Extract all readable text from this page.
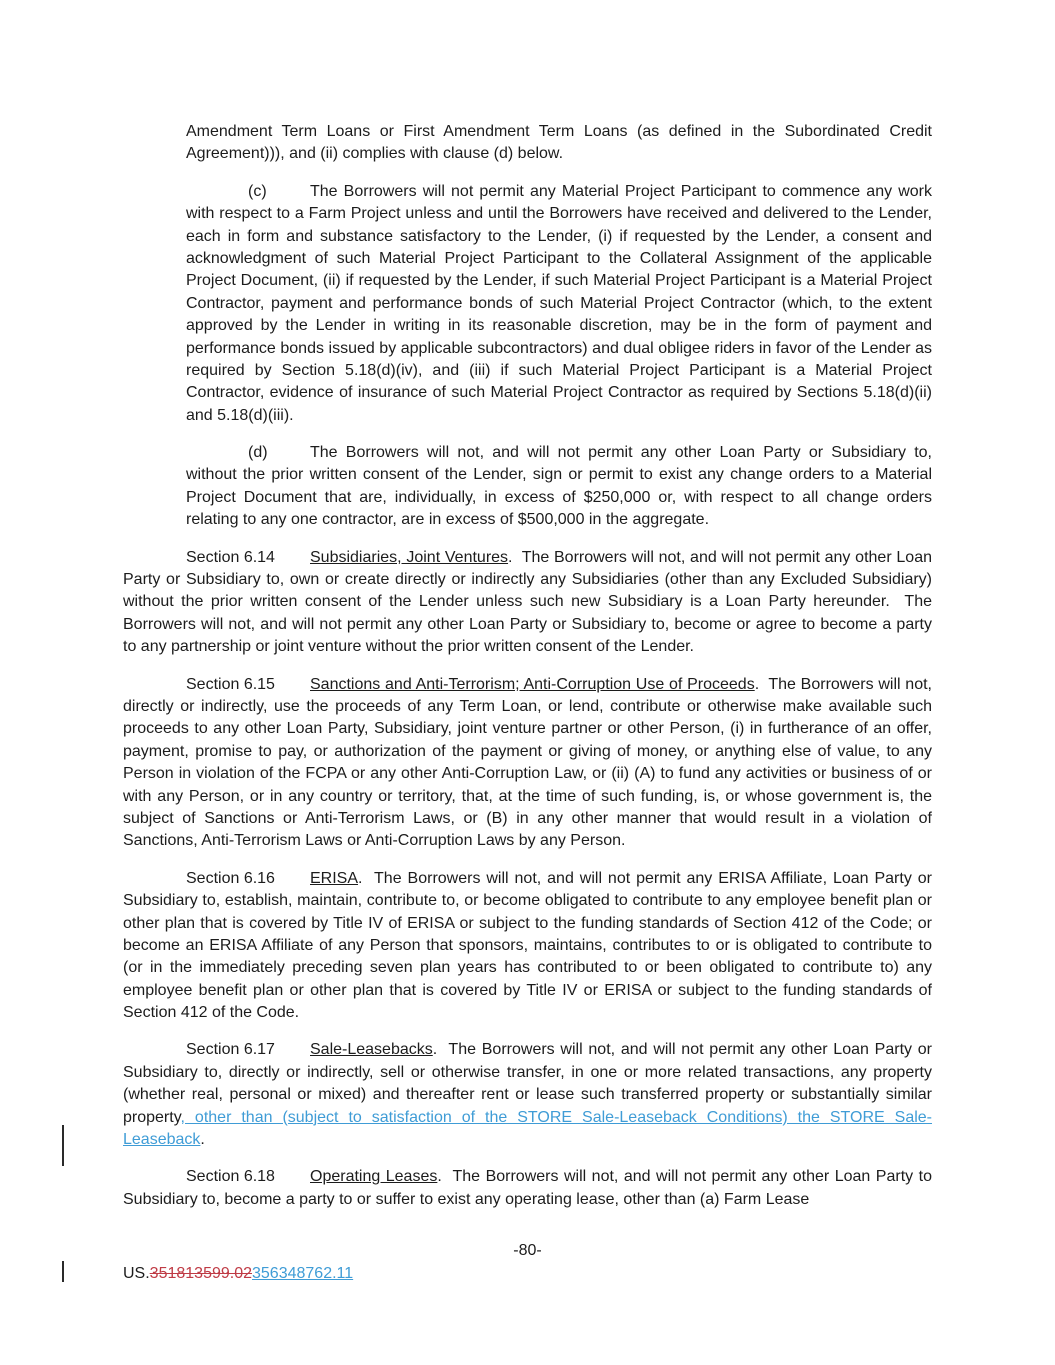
Amendment Term Loans or First Amendment Term Loans (as defined in the Subordinated Credit Agreement))), and (ii) complies with clause (d) below.

(c)	The Borrowers will not permit any Material Project Participant to commence any work with respect to a Farm Project unless and until the Borrowers have received and delivered to the Lender, each in form and substance satisfactory to the Lender, (i) if requested by the Lender, a consent and acknowledgment of such Material Project Participant to the Collateral Assignment of the applicable Project Document, (ii) if requested by the Lender, if such Material Project Participant is a Material Project Contractor, payment and performance bonds of such Material Project Contractor (which, to the extent approved by the Lender in writing in its reasonable discretion, may be in the form of payment and performance bonds issued by applicable subcontractors) and dual obligee riders in favor of the Lender as required by Section 5.18(d)(iv), and (iii) if such Material Project Participant is a Material Project Contractor, evidence of insurance of such Material Project Contractor as required by Sections 5.18(d)(ii) and 5.18(d)(iii).

(d)	The Borrowers will not, and will not permit any other Loan Party or Subsidiary to, without the prior written consent of the Lender, sign or permit to exist any change orders to a Material Project Document that are, individually, in excess of $250,000 or, with respect to all change orders relating to any one contractor, are in excess of $500,000 in the aggregate.

Section 6.14 Subsidiaries, Joint Ventures.  The Borrowers will not, and will not permit any other Loan Party or Subsidiary to, own or create directly or indirectly any Subsidiaries (other than any Excluded Subsidiary) without the prior written consent of the Lender unless such new Subsidiary is a Loan Party hereunder.  The Borrowers will not, and will not permit any other Loan Party or Subsidiary to, become or agree to become a party to any partnership or joint venture without the prior written consent of the Lender.

Section 6.15 Sanctions and Anti-Terrorism; Anti-Corruption Use of Proceeds.  The Borrowers will not, directly or indirectly, use the proceeds of any Term Loan, or lend, contribute or otherwise make available such proceeds to any other Loan Party, Subsidiary, joint venture partner or other Person, (i) in furtherance of an offer, payment, promise to pay, or authorization of the payment or giving of money, or anything else of value, to any Person in violation of the FCPA or any other Anti-Corruption Law, or (ii) (A) to fund any activities or business of or with any Person, or in any country or territory, that, at the time of such funding, is, or whose government is, the subject of Sanctions or Anti-Terrorism Laws, or (B) in any other manner that would result in a violation of Sanctions, Anti-Terrorism Laws or Anti-Corruption Laws by any Person.

Section 6.16 ERISA.  The Borrowers will not, and will not permit any ERISA Affiliate, Loan Party or Subsidiary to, establish, maintain, contribute to, or become obligated to contribute to any employee benefit plan or other plan that is covered by Title IV of ERISA or subject to the funding standards of Section 412 of the Code; or become an ERISA Affiliate of any Person that sponsors, maintains, contributes to or is obligated to contribute to (or in the immediately preceding seven plan years has contributed to or been obligated to contribute to) any employee benefit plan or other plan that is covered by Title IV or ERISA or subject to the funding standards of Section 412 of the Code.

Section 6.17 Sale-Leasebacks.  The Borrowers will not, and will not permit any other Loan Party or Subsidiary to, directly or indirectly, sell or otherwise transfer, in one or more related transactions, any property (whether real, personal or mixed) and thereafter rent or lease such transferred property or substantially similar property, other than (subject to satisfaction of the STORE Sale-Leaseback Conditions) the STORE Sale-Leaseback.

Section 6.18 Operating Leases.  The Borrowers will not, and will not permit any other Loan Party to Subsidiary to, become a party to or suffer to exist any operating lease, other than (a) Farm Lease

-80-
US.351813599.02356348762.11
